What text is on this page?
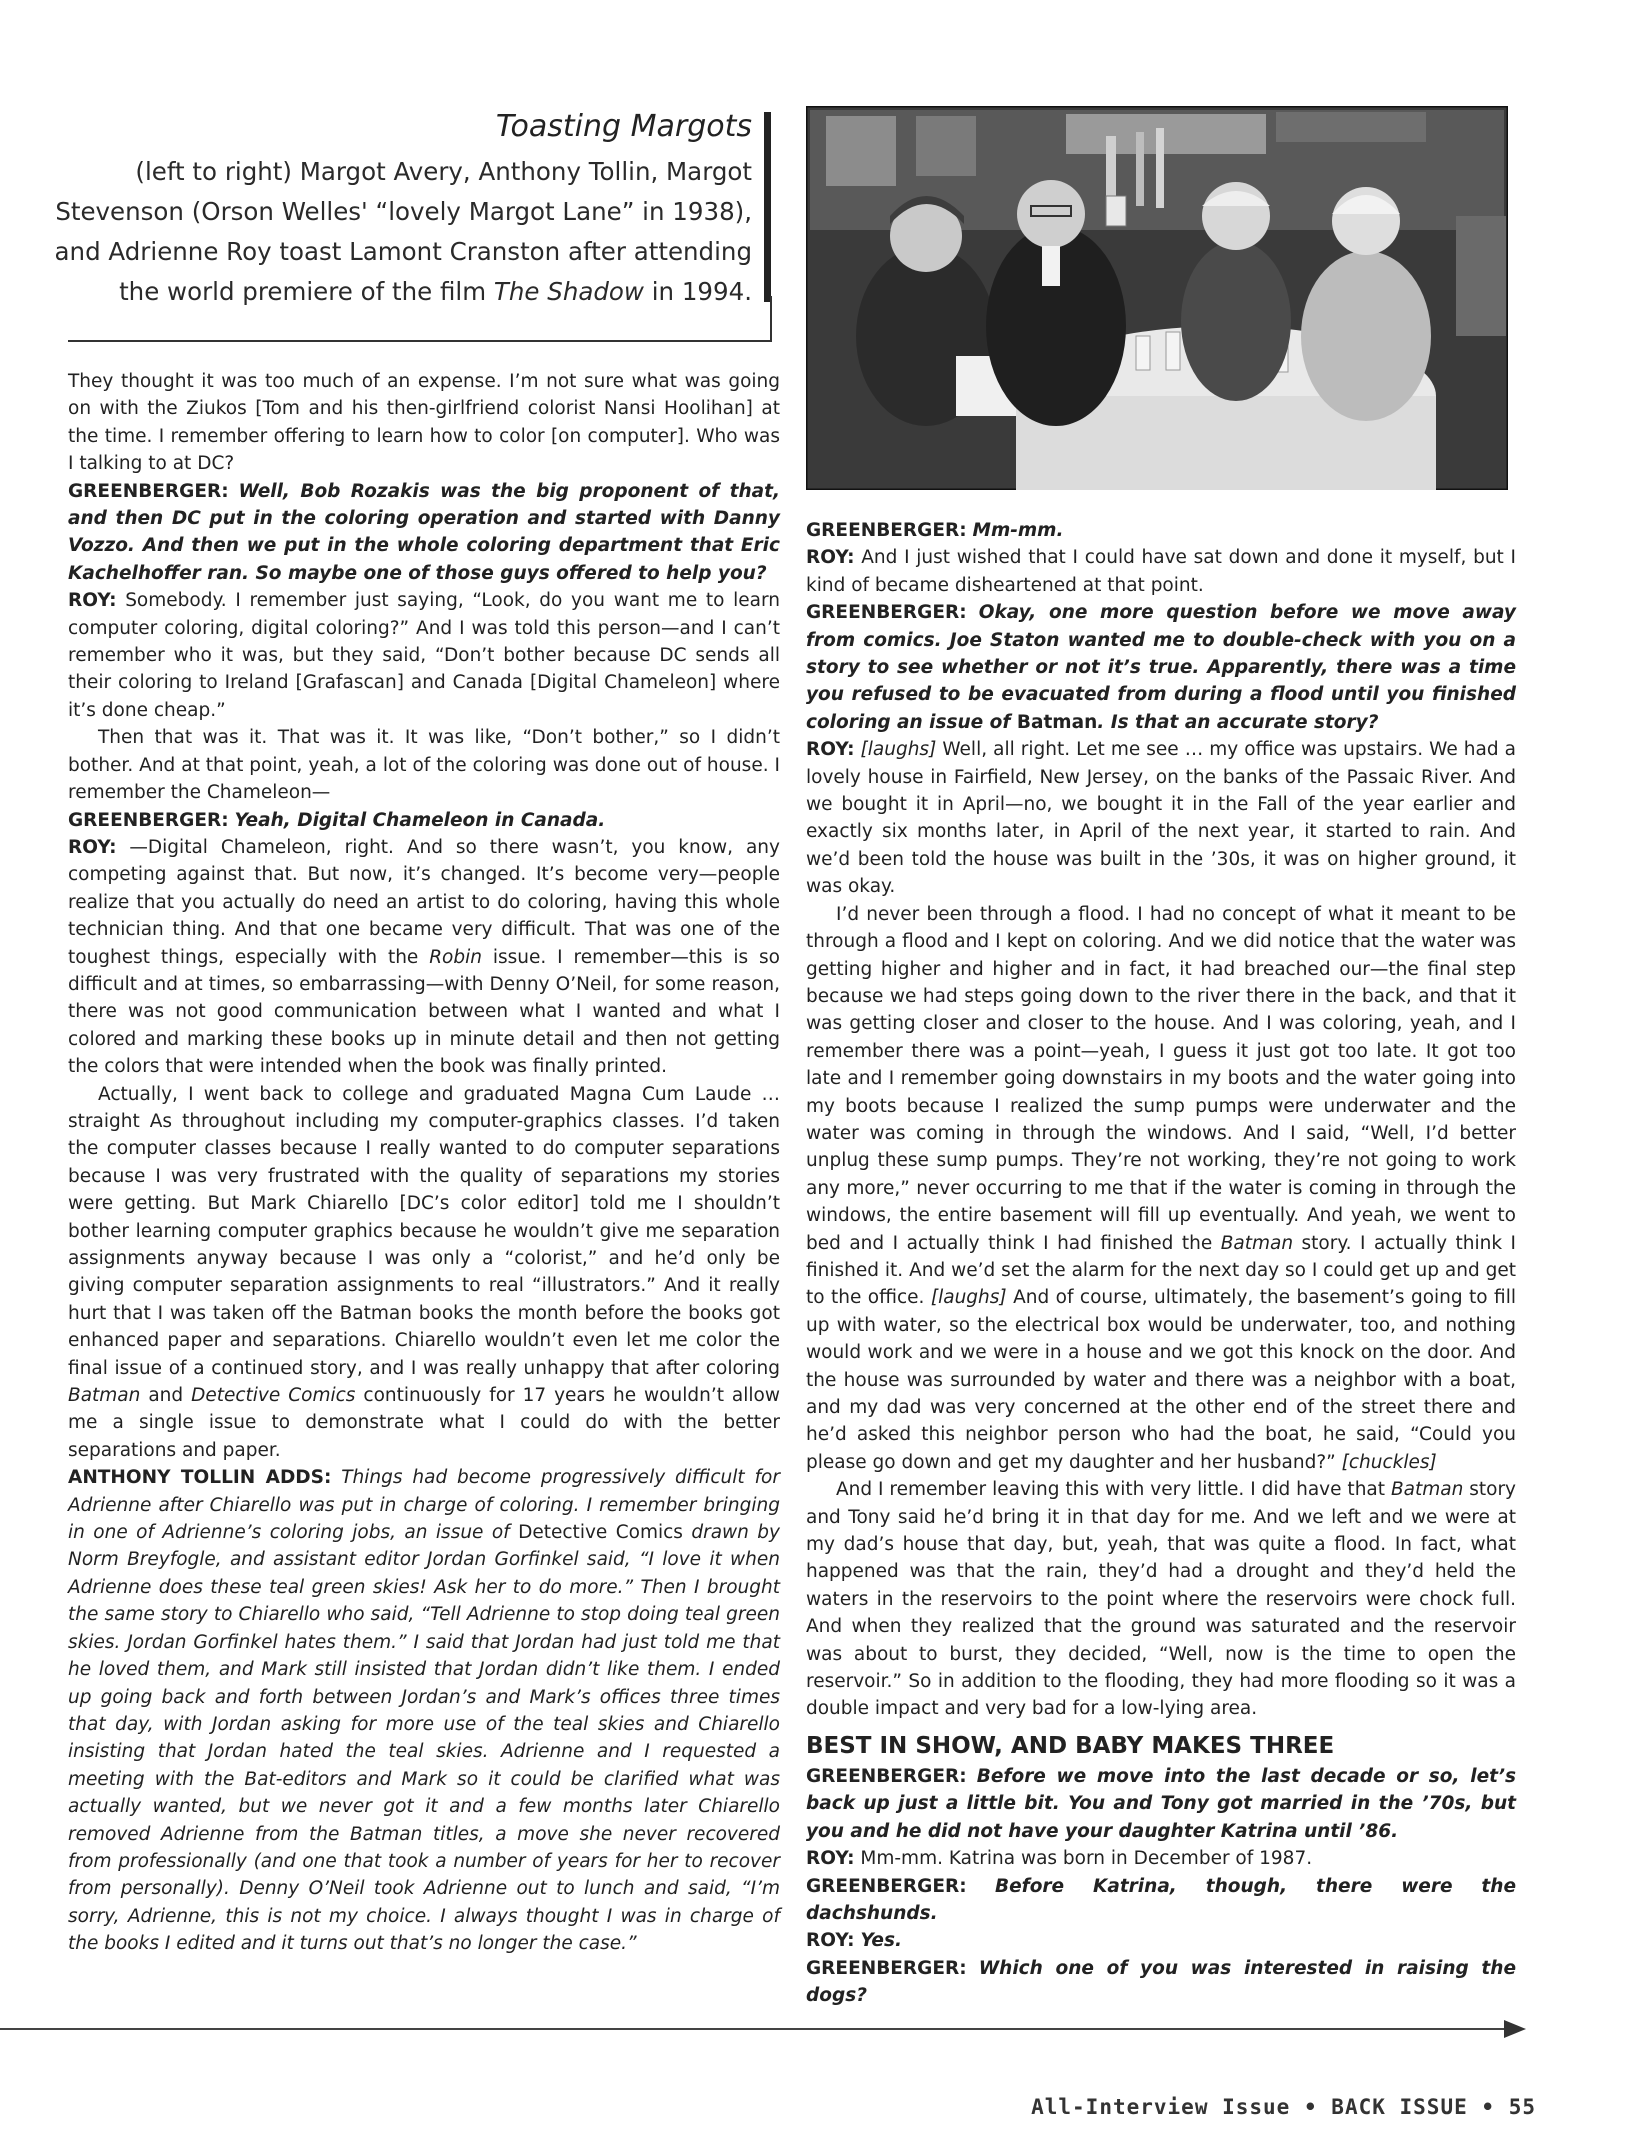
Toasting Margots
(left to right) Margot Avery, Anthony Tollin, Margot Stevenson (Orson Welles' “lovely Margot Lane” in 1938), and Adrienne Roy toast Lamont Cranston after attending the world premiere of the film The Shadow in 1994.

They thought it was too much of an expense. I’m not sure what was going on with the Ziukos [Tom and his then-girlfriend colorist Nansi Hoolihan] at the time. I remember offering to learn how to color [on computer]. Who was I talking to at DC?

GREENBERGER: Well, Bob Rozakis was the big proponent of that, and then DC put in the coloring operation and started with Danny Vozzo. And then we put in the whole coloring department that Eric Kachelhoffer ran. So maybe one of those guys offered to help you?

ROY: Somebody. I remember just saying, “Look, do you want me to learn computer coloring, digital coloring?” And I was told this person—and I can’t remember who it was, but they said, “Don’t bother because DC sends all their coloring to Ireland [Grafascan] and Canada [Digital Chameleon] where it’s done cheap.”

Then that was it. That was it. It was like, “Don’t bother,” so I didn’t bother. And at that point, yeah, a lot of the coloring was done out of house. I remember the Chameleon—

GREENBERGER: Yeah, Digital Chameleon in Canada.

ROY: —Digital Chameleon, right. And so there wasn’t, you know, any competing against that. But now, it’s changed. It’s become very—people realize that you actually do need an artist to do coloring, having this whole technician thing. And that one became very difficult. That was one of the toughest things, especially with the Robin issue. I remember—this is so difficult and at times, so embarrassing—with Denny O’Neil, for some reason, there was not good communication between what I wanted and what I colored and marking these books up in minute detail and then not getting the colors that were intended when the book was finally printed.

Actually, I went back to college and graduated Magna Cum Laude … straight As throughout including my computer-graphics classes. I’d taken the computer classes because I really wanted to do computer separations because I was very frustrated with the quality of separations my stories were getting. But Mark Chiarello [DC’s color editor] told me I shouldn’t bother learning computer graphics because he wouldn’t give me separation assignments anyway because I was only a “colorist,” and he’d only be giving computer separation assignments to real “illustrators.” And it really hurt that I was taken off the Batman books the month before the books got enhanced paper and separations. Chiarello wouldn’t even let me color the final issue of a continued story, and I was really unhappy that after coloring Batman and Detective Comics continuously for 17 years he wouldn’t allow me a single issue to demonstrate what I could do with the better separations and paper.

ANTHONY TOLLIN ADDS: Things had become progressively difficult for Adrienne after Chiarello was put in charge of coloring. I remember bringing in one of Adrienne’s coloring jobs, an issue of Detective Comics drawn by Norm Breyfogle, and assistant editor Jordan Gorfinkel said, “I love it when Adrienne does these teal green skies! Ask her to do more.” Then I brought the same story to Chiarello who said, “Tell Adrienne to stop doing teal green skies. Jordan Gorfinkel hates them.” I said that Jordan had just told me that he loved them, and Mark still insisted that Jordan didn’t like them. I ended up going back and forth between Jordan’s and Mark’s offices three times that day, with Jordan asking for more use of the teal skies and Chiarello insisting that Jordan hated the teal skies. Adrienne and I requested a meeting with the Bat-editors and Mark so it could be clarified what was actually wanted, but we never got it and a few months later Chiarello removed Adrienne from the Batman titles, a move she never recovered from professionally (and one that took a number of years for her to recover from personally). Denny O’Neil took Adrienne out to lunch and said, “I’m sorry, Adrienne, this is not my choice. I always thought I was in charge of the books I edited and it turns out that’s no longer the case.”

GREENBERGER: Mm-mm.

ROY: And I just wished that I could have sat down and done it myself, but I kind of became disheartened at that point.

GREENBERGER: Okay, one more question before we move away from comics. Joe Staton wanted me to double-check with you on a story to see whether or not it’s true. Apparently, there was a time you refused to be evacuated from during a flood until you finished coloring an issue of Batman. Is that an accurate story?

ROY: [laughs] Well, all right. Let me see … my office was upstairs. We had a lovely house in Fairfield, New Jersey, on the banks of the Passaic River. And we bought it in April—no, we bought it in the Fall of the year earlier and exactly six months later, in April of the next year, it started to rain. And we’d been told the house was built in the ’30s, it was on higher ground, it was okay.

I’d never been through a flood. I had no concept of what it meant to be through a flood and I kept on coloring. And we did notice that the water was getting higher and higher and in fact, it had breached our—the final step because we had steps going down to the river there in the back, and that it was getting closer and closer to the house. And I was coloring, yeah, and I remember there was a point—yeah, I guess it just got too late. It got too late and I remember going downstairs in my boots and the water going into my boots because I realized the sump pumps were underwater and the water was coming in through the windows. And I said, “Well, I’d better unplug these sump pumps. They’re not working, they’re not going to work any more,” never occurring to me that if the water is coming in through the windows, the entire basement will fill up eventually. And yeah, we went to bed and I actually think I had finished the Batman story. I actually think I finished it. And we’d set the alarm for the next day so I could get up and get to the office. [laughs] And of course, ultimately, the basement’s going to fill up with water, so the electrical box would be underwater, too, and nothing would work and we were in a house and we got this knock on the door. And the house was surrounded by water and there was a neighbor with a boat, and my dad was very concerned at the other end of the street there and he’d asked this neighbor person who had the boat, he said, “Could you please go down and get my daughter and her husband?” [chuckles]

And I remember leaving this with very little. I did have that Batman story and Tony said he’d bring it in that day for me. And we left and we were at my dad’s house that day, but, yeah, that was quite a flood. In fact, what happened was that the rain, they’d had a drought and they’d held the waters in the reservoirs to the point where the reservoirs were chock full. And when they realized that the ground was saturated and the reservoir was about to burst, they decided, “Well, now is the time to open the reservoir.” So in addition to the flooding, they had more flooding so it was a double impact and very bad for a low-lying area.

BEST IN SHOW, AND BABY MAKES THREE

GREENBERGER: Before we move into the last decade or so, let’s back up just a little bit. You and Tony got married in the ’70s, but you and he did not have your daughter Katrina until ’86.

ROY: Mm-mm. Katrina was born in December of 1987.

GREENBERGER: Before Katrina, though, there were the dachshunds.

ROY: Yes.

GREENBERGER: Which one of you was interested in raising the dogs?

All-Interview Issue • BACK ISSUE • 55
